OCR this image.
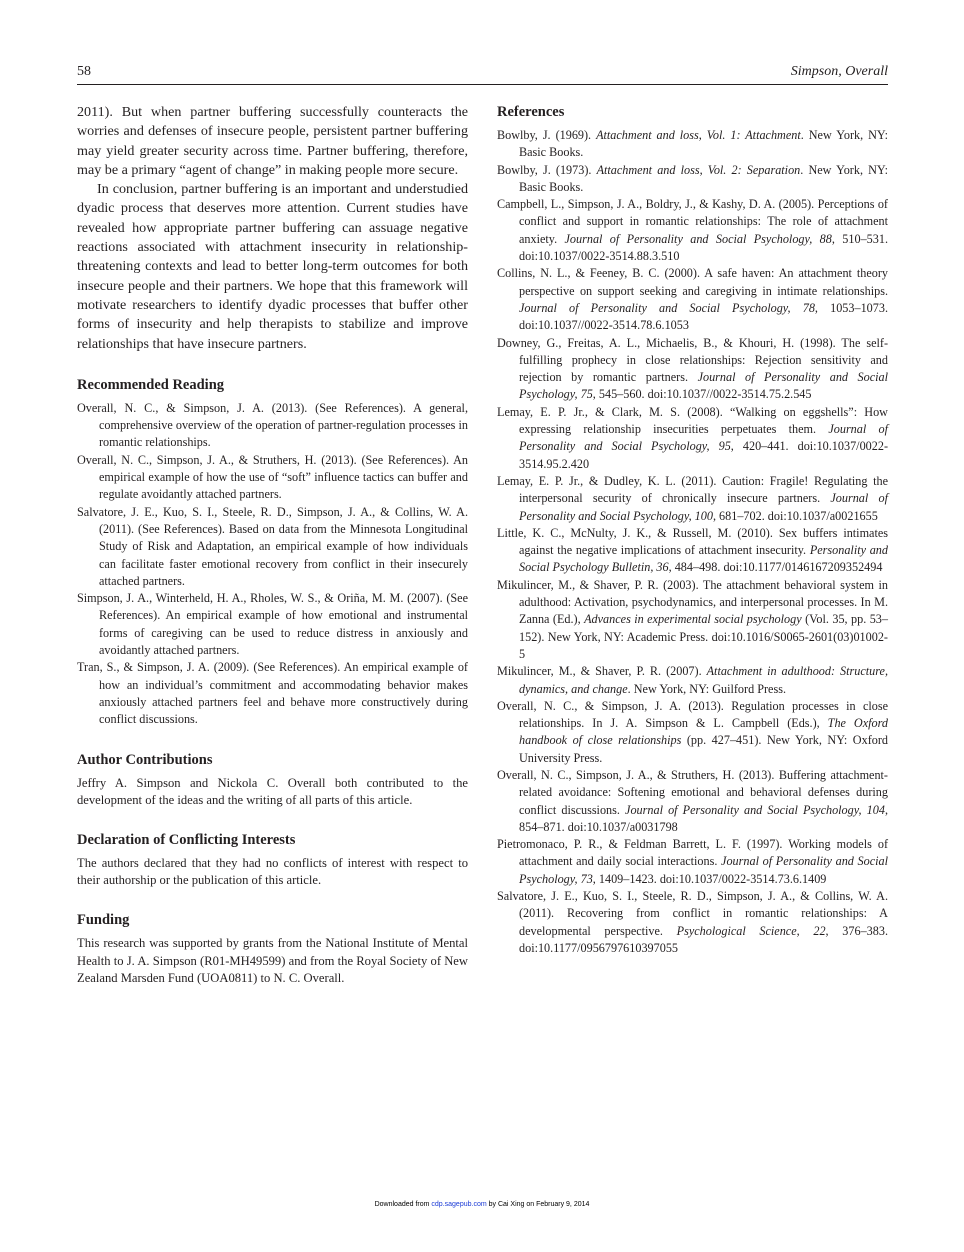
58	Simpson, Overall

2011). But when partner buffering successfully counteracts the worries and defenses of insecure people, persistent partner buffering may yield greater security across time. Partner buffering, therefore, may be a primary “agent of change” in making people more secure.

In conclusion, partner buffering is an important and understudied dyadic process that deserves more attention. Current studies have revealed how appropriate partner buffering can assuage negative reactions associated with attachment insecurity in relationship-threatening contexts and lead to better long-term outcomes for both insecure people and their partners. We hope that this framework will motivate researchers to identify dyadic processes that buffer other forms of insecurity and help therapists to stabilize and improve relationships that have insecure partners.

Recommended Reading

Overall, N. C., & Simpson, J. A. (2013). (See References). A general, comprehensive overview of the operation of partner-regulation processes in romantic relationships.

Overall, N. C., Simpson, J. A., & Struthers, H. (2013). (See References). An empirical example of how the use of “soft” influence tactics can buffer and regulate avoidantly attached partners.

Salvatore, J. E., Kuo, S. I., Steele, R. D., Simpson, J. A., & Collins, W. A. (2011). (See References). Based on data from the Minnesota Longitudinal Study of Risk and Adaptation, an empirical example of how individuals can facilitate faster emotional recovery from conflict in their insecurely attached partners.

Simpson, J. A., Winterheld, H. A., Rholes, W. S., & Oriña, M. M. (2007). (See References). An empirical example of how emotional and instrumental forms of caregiving can be used to reduce distress in anxiously and avoidantly attached partners.

Tran, S., & Simpson, J. A. (2009). (See References). An empirical example of how an individual’s commitment and accommodating behavior makes anxiously attached partners feel and behave more constructively during conflict discussions.

Author Contributions

Jeffry A. Simpson and Nickola C. Overall both contributed to the development of the ideas and the writing of all parts of this article.

Declaration of Conflicting Interests

The authors declared that they had no conflicts of interest with respect to their authorship or the publication of this article.

Funding

This research was supported by grants from the National Institute of Mental Health to J. A. Simpson (R01-MH49599) and from the Royal Society of New Zealand Marsden Fund (UOA0811) to N. C. Overall.

References

Bowlby, J. (1969). Attachment and loss, Vol. 1: Attachment. New York, NY: Basic Books.

Bowlby, J. (1973). Attachment and loss, Vol. 2: Separation. New York, NY: Basic Books.

Campbell, L., Simpson, J. A., Boldry, J., & Kashy, D. A. (2005). Perceptions of conflict and support in romantic relationships: The role of attachment anxiety. Journal of Personality and Social Psychology, 88, 510–531. doi:10.1037/0022-3514.88.3.510

Collins, N. L., & Feeney, B. C. (2000). A safe haven: An attachment theory perspective on support seeking and caregiving in intimate relationships. Journal of Personality and Social Psychology, 78, 1053–1073. doi:10.1037//0022-3514.78.6.1053

Downey, G., Freitas, A. L., Michaelis, B., & Khouri, H. (1998). The self-fulfilling prophecy in close relationships: Rejection sensitivity and rejection by romantic partners. Journal of Personality and Social Psychology, 75, 545–560. doi:10.1037//0022-3514.75.2.545

Lemay, E. P. Jr., & Clark, M. S. (2008). “Walking on eggshells”: How expressing relationship insecurities perpetuates them. Journal of Personality and Social Psychology, 95, 420–441. doi:10.1037/0022-3514.95.2.420

Lemay, E. P. Jr., & Dudley, K. L. (2011). Caution: Fragile! Regulating the interpersonal security of chronically insecure partners. Journal of Personality and Social Psychology, 100, 681–702. doi:10.1037/a0021655

Little, K. C., McNulty, J. K., & Russell, M. (2010). Sex buffers intimates against the negative implications of attachment insecurity. Personality and Social Psychology Bulletin, 36, 484–498. doi:10.1177/0146167209352494

Mikulincer, M., & Shaver, P. R. (2003). The attachment behavioral system in adulthood: Activation, psychodynamics, and interpersonal processes. In M. Zanna (Ed.), Advances in experimental social psychology (Vol. 35, pp. 53–152). New York, NY: Academic Press. doi:10.1016/S0065-2601(03)01002-5

Mikulincer, M., & Shaver, P. R. (2007). Attachment in adulthood: Structure, dynamics, and change. New York, NY: Guilford Press.

Overall, N. C., & Simpson, J. A. (2013). Regulation processes in close relationships. In J. A. Simpson & L. Campbell (Eds.), The Oxford handbook of close relationships (pp. 427–451). New York, NY: Oxford University Press.

Overall, N. C., Simpson, J. A., & Struthers, H. (2013). Buffering attachment-related avoidance: Softening emotional and behavioral defenses during conflict discussions. Journal of Personality and Social Psychology, 104, 854–871. doi:10.1037/a0031798

Pietromonaco, P. R., & Feldman Barrett, L. F. (1997). Working models of attachment and daily social interactions. Journal of Personality and Social Psychology, 73, 1409–1423. doi:10.1037/0022-3514.73.6.1409

Salvatore, J. E., Kuo, S. I., Steele, R. D., Simpson, J. A., & Collins, W. A. (2011). Recovering from conflict in romantic relationships: A developmental perspective. Psychological Science, 22, 376–383. doi:10.1177/0956797610397055

Downloaded from cdp.sagepub.com by Cai Xing on February 9, 2014
